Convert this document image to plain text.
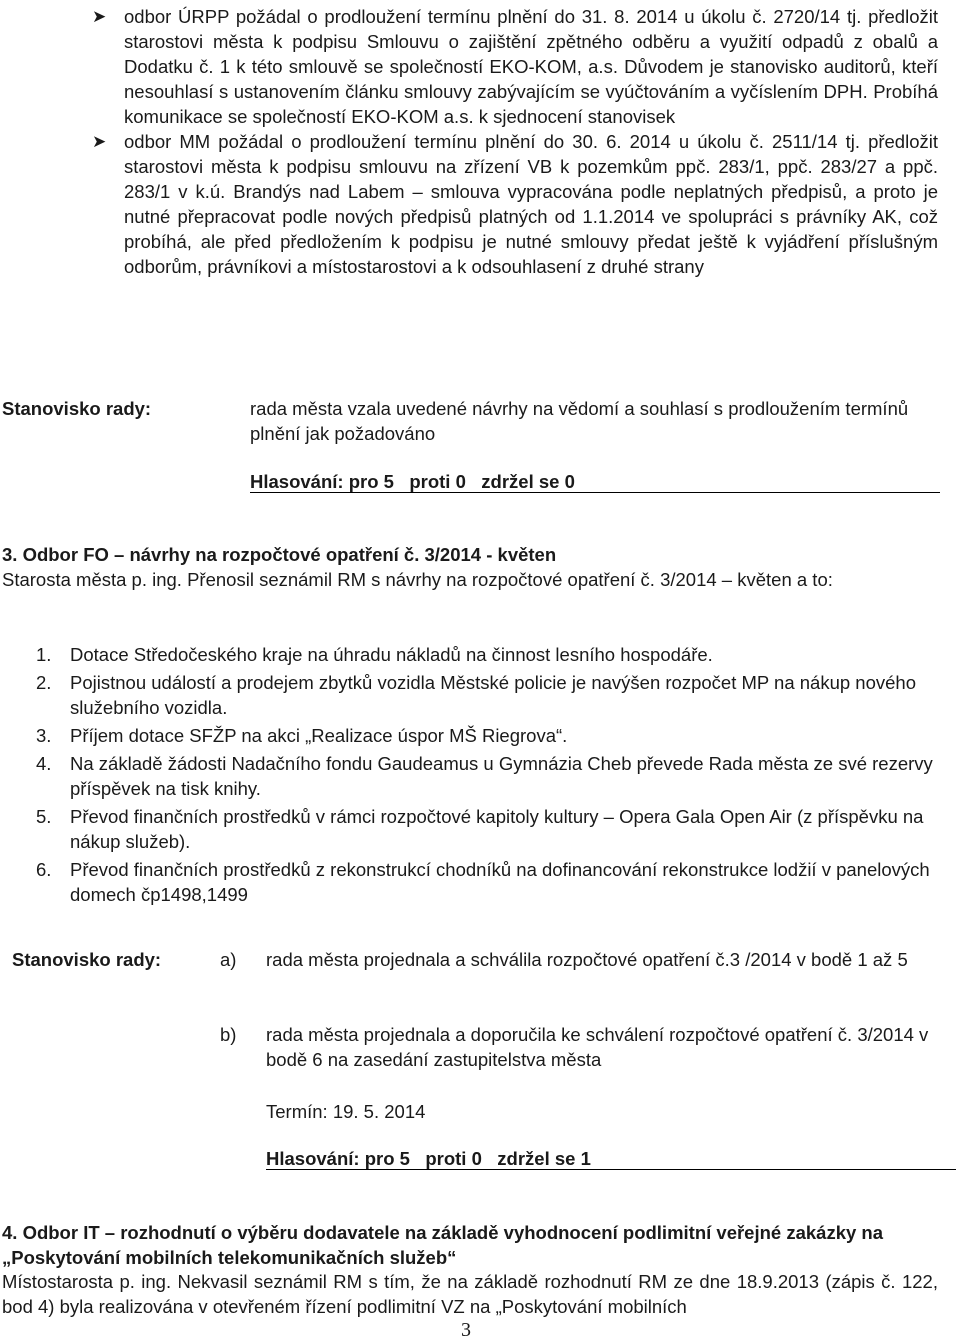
➤ odbor ÚRPP požádal o prodloužení termínu plnění do 31. 8. 2014 u úkolu č. 2720/14 tj. předložit starostovi města k podpisu Smlouvu o zajištění zpětného odběru a využití odpadů z obalů a Dodatku č. 1 k této smlouvě se společností EKO-KOM, a.s. Důvodem je stanovisko auditorů, kteří nesouhlasí s ustanovením článku smlouvy zabývajícím se vyúčtováním a vyčíslením DPH. Probíhá komunikace se společností EKO-KOM a.s. k sjednocení stanovisek
➤ odbor MM požádal o prodloužení termínu plnění do 30. 6. 2014 u úkolu č. 2511/14 tj. předložit starostovi města k podpisu smlouvu na zřízení VB k pozemkům ppč. 283/1, ppč. 283/27 a ppč. 283/1 v k.ú. Brandýs nad Labem – smlouva vypracována podle neplatných předpisů, a proto je nutné přepracovat podle nových předpisů platných od 1.1.2014 ve spolupráci s právníky AK, což probíhá, ale před předložením k podpisu je nutné smlouvy předat ještě k vyjádření příslušným odborům, právníkovi a místostarostovi a k odsouhlasení z druhé strany
Stanovisko rady:	rada města vzala uvedené návrhy na vědomí a souhlasí s prodloužením termínů plnění jak požadováno
Hlasování: pro 5   proti 0   zdržel se 0
3. Odbor FO – návrhy na rozpočtové opatření č. 3/2014 - květen
Starosta města p. ing. Přenosil seznámil RM s návrhy na rozpočtové opatření č. 3/2014 – květen a to:
1.	Dotace Středočeského kraje na úhradu nákladů na činnost lesního hospodáře.
2.	Pojistnou událostí a prodejem zbytků vozidla Městské policie je navýšen rozpočet MP na nákup nového služebního vozidla.
3.	Příjem dotace SFŽP na akci „Realizace úspor MŠ Riegrova“.
4.	Na základě žádosti Nadačního fondu Gaudeamus u Gymnázia Cheb převede Rada města ze své rezervy příspěvek na tisk knihy.
5.	Převod finančních prostředků v rámci rozpočtové kapitoly kultury – Opera Gala Open Air (z příspěvku na nákup služeb).
6.	Převod finančních prostředků z rekonstrukcí chodníků na dofinancování rekonstrukce lodžií v panelových domech čp1498,1499
Stanovisko rady:	a) rada města projednala a schválila rozpočtové opatření č.3 /2014 v bodě 1 až 5
b) rada města projednala a doporučila ke schválení rozpočtové opatření č. 3/2014 v bodě 6 na zasedání zastupitelstva města
Termín: 19. 5. 2014
Hlasování: pro 5   proti 0   zdržel se 1
4. Odbor IT – rozhodnutí o výběru dodavatele na základě vyhodnocení podlimitní veřejné zakázky na „Poskytování mobilních telekomunikačních služeb“
Místostarosta p. ing. Nekvasil seznámil RM s tím, že na základě rozhodnutí RM ze dne 18.9.2013 (zápis č. 122, bod 4) byla realizována v otevřeném řízení podlimitní VZ na „Poskytování mobilních
3
